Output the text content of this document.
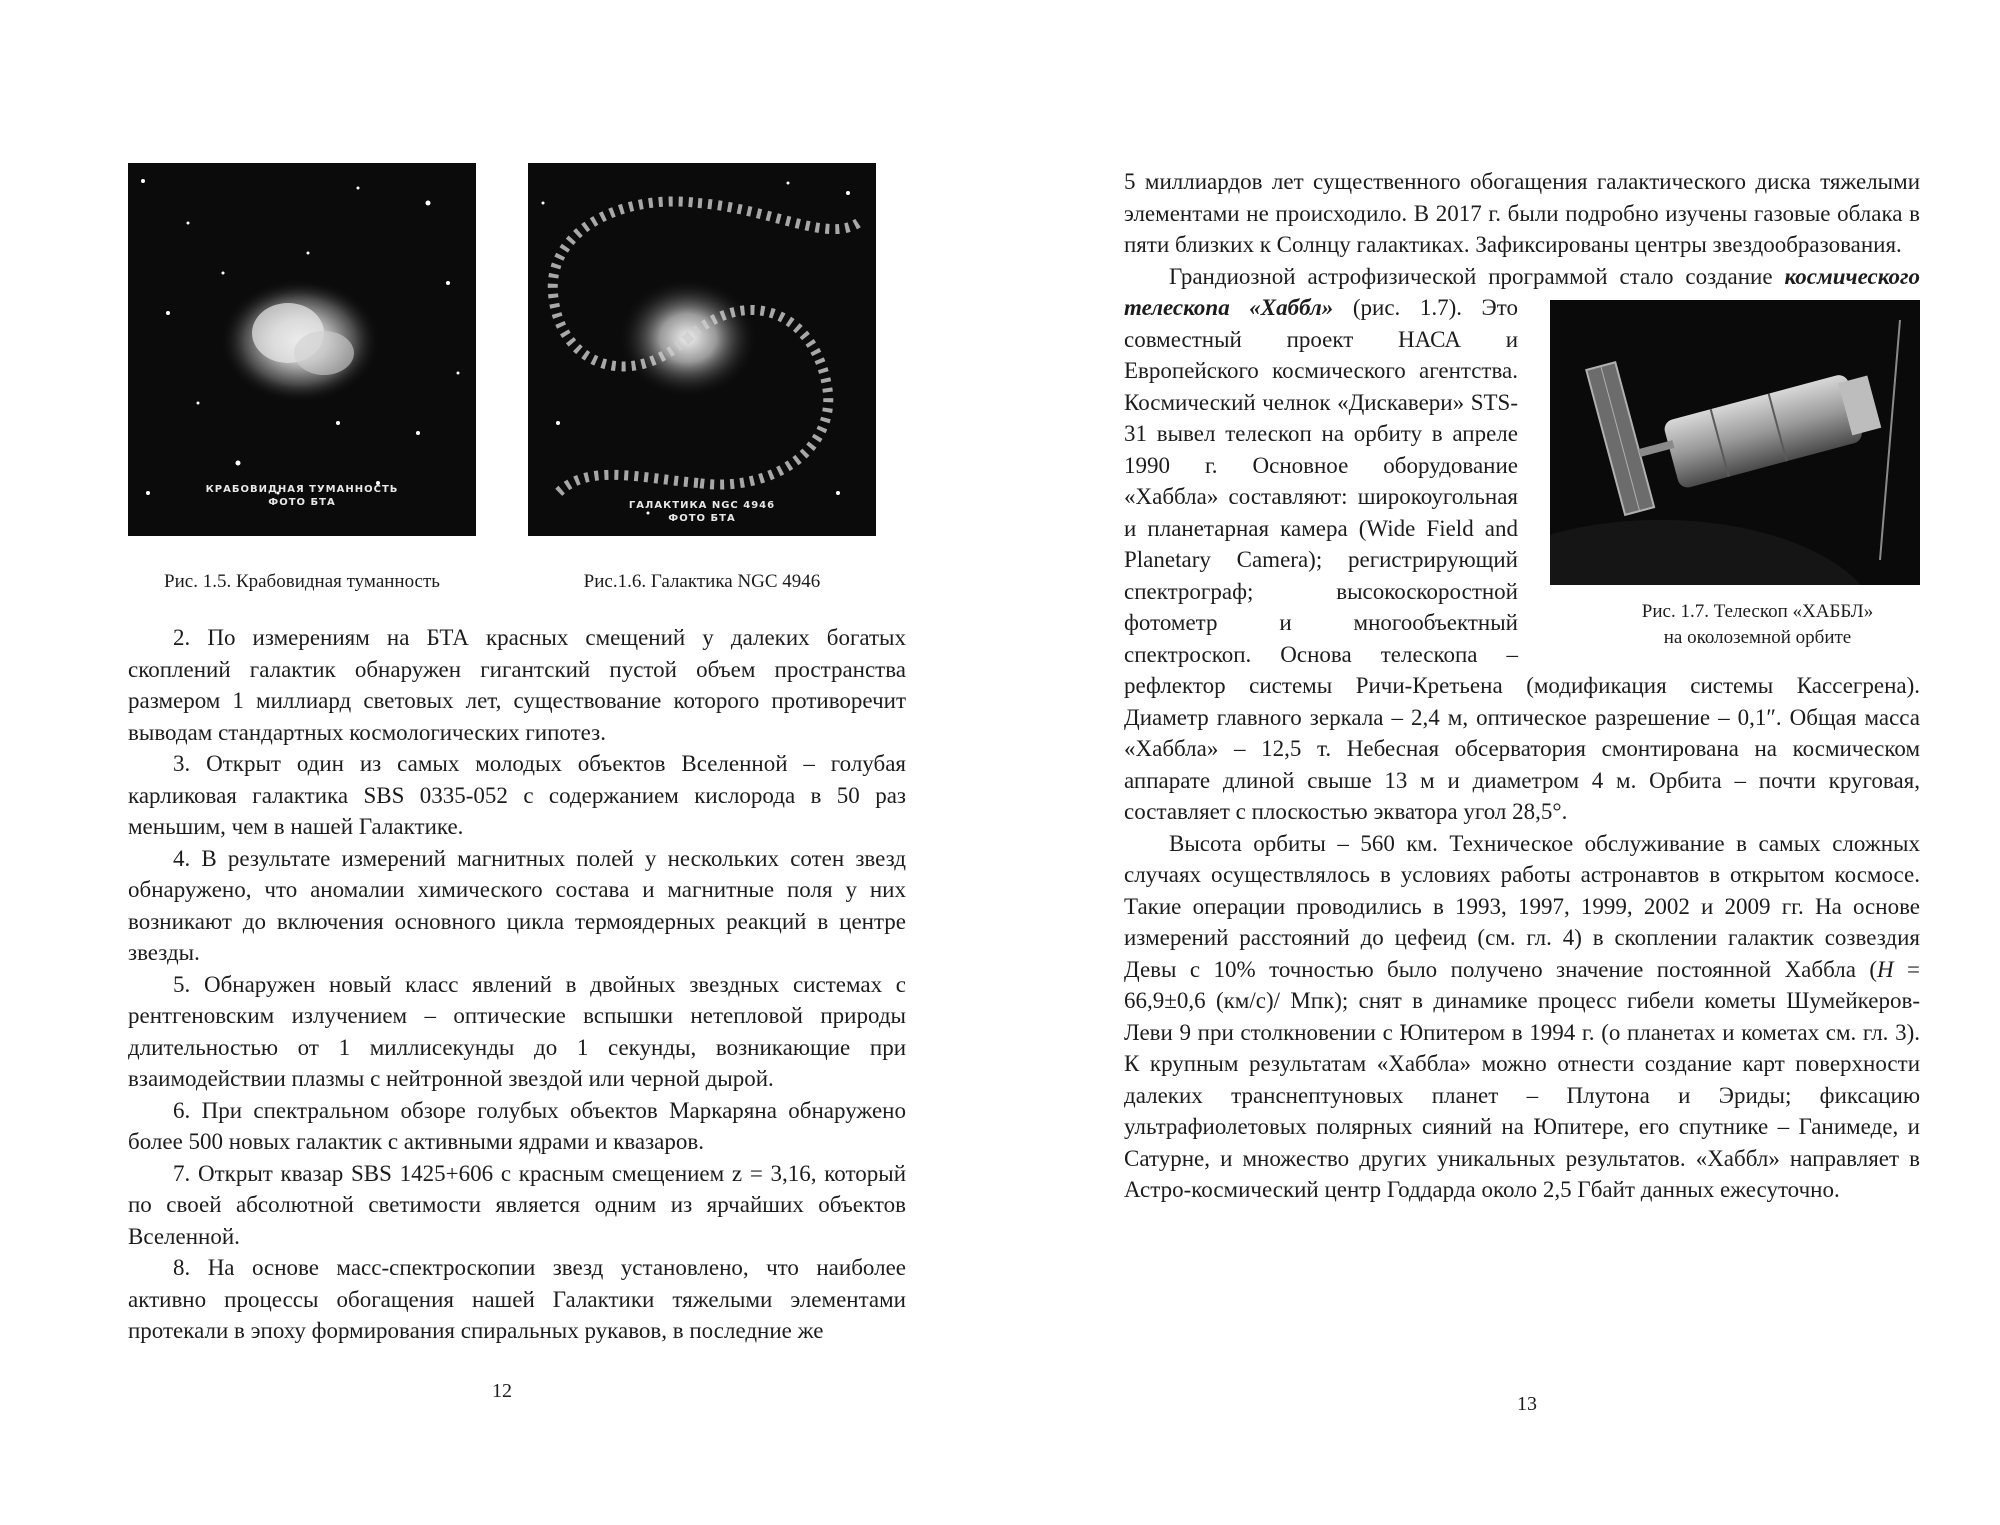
КРАБОВИДНАЯ ТУМАННОСТЬ
ФОТО БТА	ГАЛАКТИКА NGC 4946
ФОТО БТА
Рис. 1.5. Крабовидная туманность	Рис.1.6. Галактика NGC 4946

2. По измерениям на БТА красных смещений у далеких богатых скоплений галактик обнаружен гигантский пустой объем пространства размером 1 миллиард световых лет, существование которого противоречит выводам стандартных космологических гипотез.

3. Открыт один из самых молодых объектов Вселенной – голубая карликовая галактика SBS 0335-052 с содержанием кислорода в 50 раз меньшим, чем в нашей Галактике.

4. В результате измерений магнитных полей у нескольких сотен звезд обнаружено, что аномалии химического состава и магнитные поля у них возникают до включения основного цикла термоядерных реакций в центре звезды.

5. Обнаружен новый класс явлений в двойных звездных системах с рентгеновским излучением – оптические вспышки нетепловой природы длительностью от 1 миллисекунды до 1 секунды, возникающие при взаимодействии плазмы с нейтронной звездой или черной дырой.

6. При спектральном обзоре голубых объектов Маркаряна обнаружено более 500 новых галактик с активными ядрами и квазаров.

7. Открыт квазар SBS 1425+606 с красным смещением z = 3,16, который по своей абсолютной светимости является одним из ярчайших объектов Вселенной.

8. На основе масс-спектроскопии звезд установлено, что наиболее активно процессы обогащения нашей Галактики тяжелыми элементами протекали в эпоху формирования спиральных рукавов, в последние же

12

5 миллиардов лет существенного обогащения галактического диска тяжелыми элементами не происходило. В 2017 г. были подробно изучены газовые облака в пяти близких к Солнцу галактиках. Зафиксированы центры звездообразования.

Грандиозной астрофизической программой стало создание космического телескопа «Хаббл»
Рис. 1.7. Телескоп «ХАББЛ»
на околоземной орбите
(рис. 1.7). Это совместный проект НАСА и Европейского космического агентства. Космический челнок «Дискавери» STS-31 вывел телескоп на орбиту в апреле 1990 г. Основное оборудование «Хаббла» составляют: широкоугольная и планетарная камера (Wide Field and Planetary Camera); регистрирующий спектрограф; высокоскоростной фотометр и многообъектный спектроскоп. Основа телескопа – рефлектор системы Ричи-Кретьена (модификация системы Кассегрена). Диаметр главного зеркала – 2,4 м, оптическое разрешение – 0,1″. Общая масса «Хаббла» – 12,5 т. Небесная обсерватория смонтирована на космическом аппарате длиной свыше 13 м и диаметром 4 м. Орбита – почти круговая, составляет с плоскостью экватора угол 28,5°.

Высота орбиты – 560 км. Техническое обслуживание в самых сложных случаях осуществлялось в условиях работы астронавтов в открытом космосе. Такие операции проводились в 1993, 1997, 1999, 2002 и 2009 гг. На основе измерений расстояний до цефеид (см. гл. 4) в скоплении галактик созвездия Девы с 10% точностью было получено значение постоянной Хаббла (H = 66,9±0,6 (км/с)/ Мпк); снят в динамике процесс гибели кометы Шумейкеров-Леви 9 при столкновении с Юпитером в 1994 г. (о планетах и кометах см. гл. 3). К крупным результатам «Хаббла» можно отнести создание карт поверхности далеких транснептуновых планет – Плутона и Эриды; фиксацию ультрафиолетовых полярных сияний на Юпитере, его спутнике – Ганимеде, и Сатурне, и множество других уникальных результатов. «Хаббл» направляет в Астро-космический центр Годдарда около 2,5 Гбайт данных ежесуточно.

13
